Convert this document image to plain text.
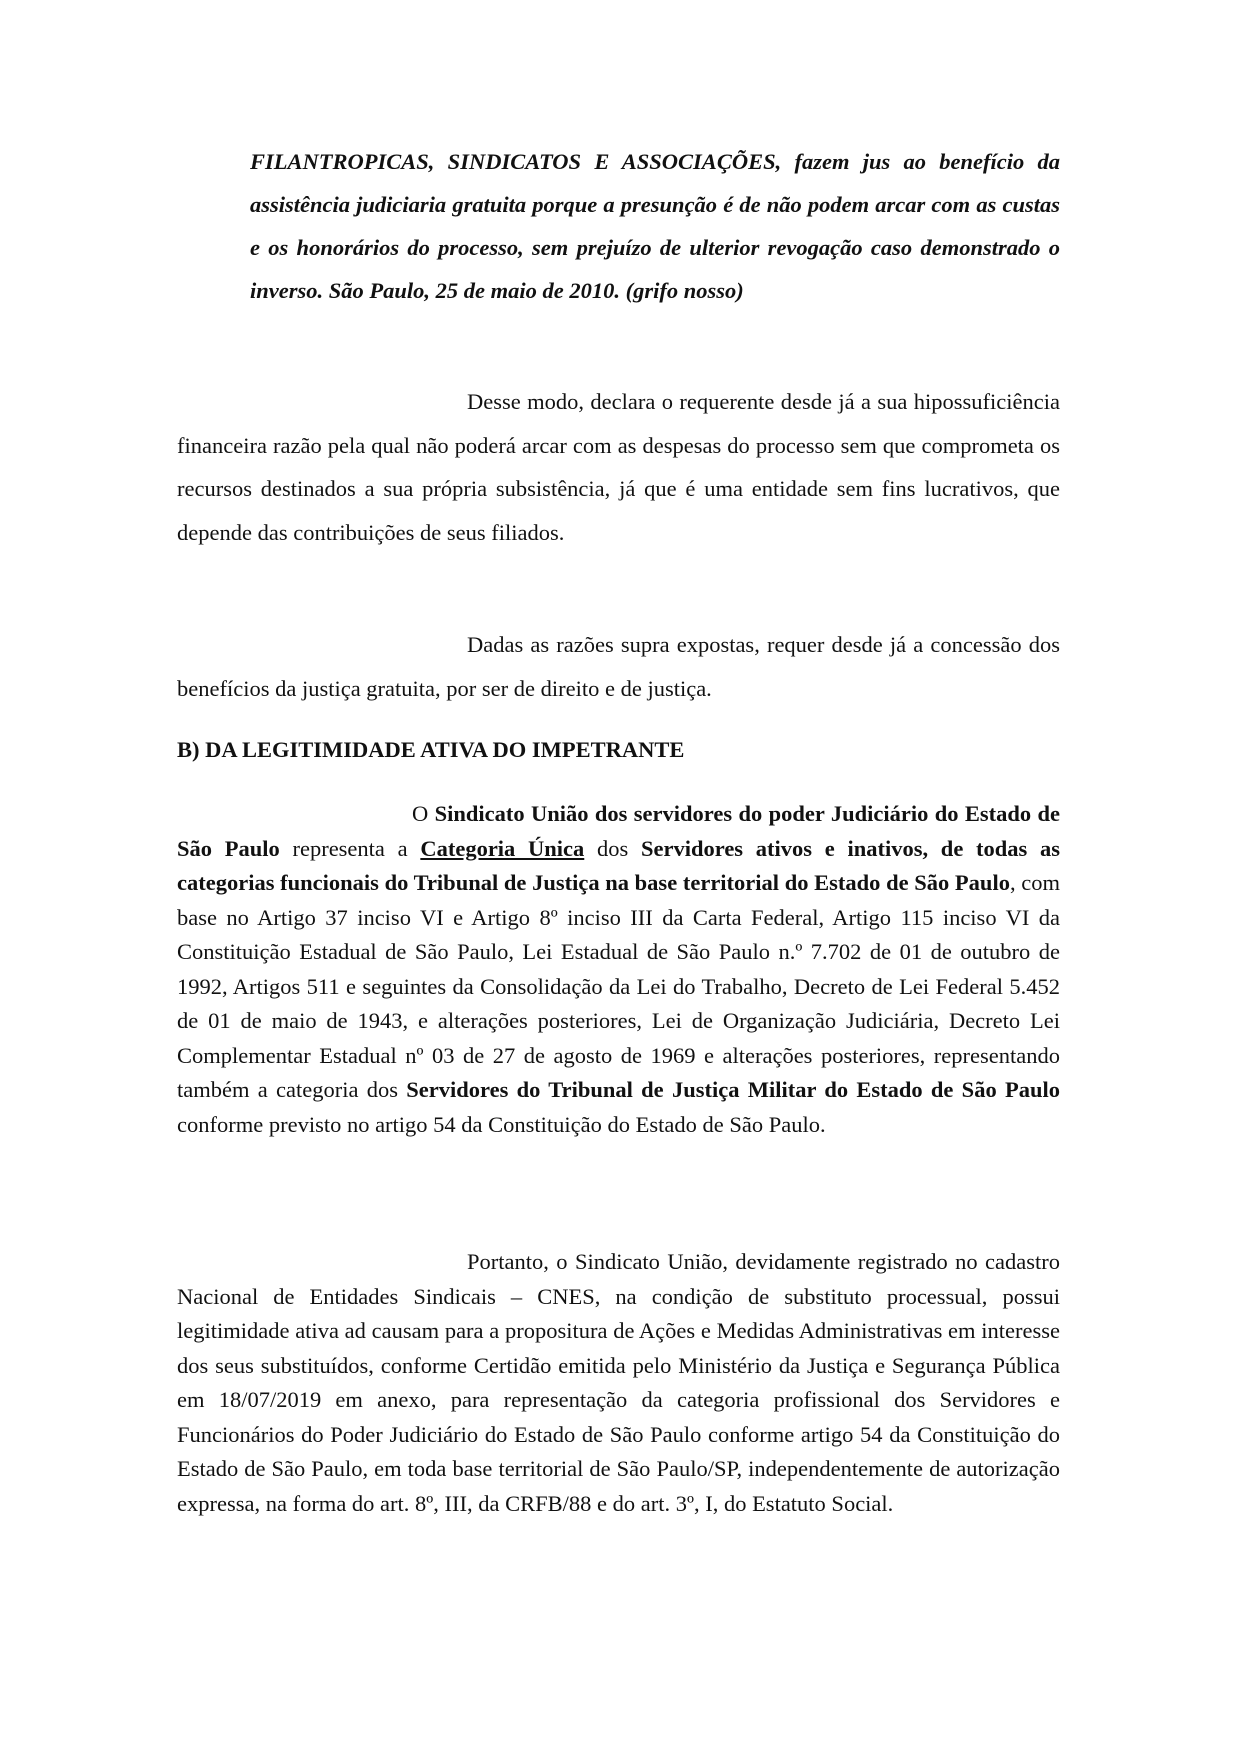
FILANTROPICAS, SINDICATOS E ASSOCIAÇÕES, fazem jus ao benefício da assistência judiciaria gratuita porque a presunção é de não podem arcar com as custas e os honorários do processo, sem prejuízo de ulterior revogação caso demonstrado o inverso. São Paulo, 25 de maio de 2010. (grifo nosso)
Desse modo, declara o requerente desde já a sua hipossuficiência financeira razão pela qual não poderá arcar com as despesas do processo sem que comprometa os recursos destinados a sua própria subsistência, já que é uma entidade sem fins lucrativos, que depende das contribuições de seus filiados.
Dadas as razões supra expostas, requer desde já a concessão dos benefícios da justiça gratuita, por ser de direito e de justiça.
B) DA LEGITIMIDADE ATIVA DO IMPETRANTE
O Sindicato União dos servidores do poder Judiciário do Estado de São Paulo representa a Categoria Única dos Servidores ativos e inativos, de todas as categorias funcionais do Tribunal de Justiça na base territorial do Estado de São Paulo, com base no Artigo 37 inciso VI e Artigo 8º inciso III da Carta Federal, Artigo 115 inciso VI da Constituição Estadual de São Paulo, Lei Estadual de São Paulo n.º 7.702 de 01 de outubro de 1992, Artigos 511 e seguintes da Consolidação da Lei do Trabalho, Decreto de Lei Federal 5.452 de 01 de maio de 1943, e alterações posteriores, Lei de Organização Judiciária, Decreto Lei Complementar Estadual nº 03 de 27 de agosto de 1969 e alterações posteriores, representando também a categoria dos Servidores do Tribunal de Justiça Militar do Estado de São Paulo conforme previsto no artigo 54 da Constituição do Estado de São Paulo.
Portanto, o Sindicato União, devidamente registrado no cadastro Nacional de Entidades Sindicais – CNES, na condição de substituto processual, possui legitimidade ativa ad causam para a propositura de Ações e Medidas Administrativas em interesse dos seus substituídos, conforme Certidão emitida pelo Ministério da Justiça e Segurança Pública em 18/07/2019 em anexo, para representação da categoria profissional dos Servidores e Funcionários do Poder Judiciário do Estado de São Paulo conforme artigo 54 da Constituição do Estado de São Paulo, em toda base territorial de São Paulo/SP, independentemente de autorização expressa, na forma do art. 8º, III, da CRFB/88 e do art. 3º, I, do Estatuto Social.
